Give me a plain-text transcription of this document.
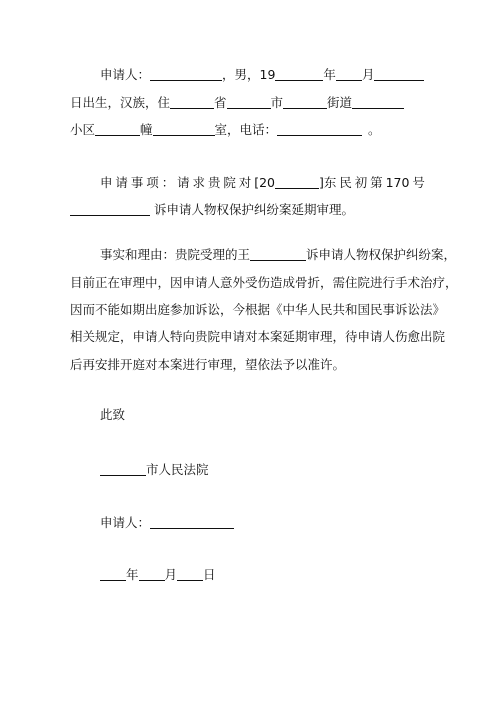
申请人：	，男，19	年 月
日出生，汉族，住	省	市	街道
小区	幢	室，电话：	。
申 请 事 项 ： 请 求 贵 院 对 [20	]东 民 初 第 170 号
诉申请人物权保护纠纷案延期审理。
事实和理由：贵院受理的王	诉申请人物权保护纠纷案，
目前正在审理中，因申请人意外受伤造成骨折，需住院进行手术治疗，
因而不能如期出庭参加诉讼，今根据《中华人民共和国民事诉讼法》
相关规定，申请人特向贵院申请对本案延期审理，待申请人伤愈出院
后再安排开庭对本案进行审理，望依法予以准许。
此致
市人民法院
申请人：
年 月 日
